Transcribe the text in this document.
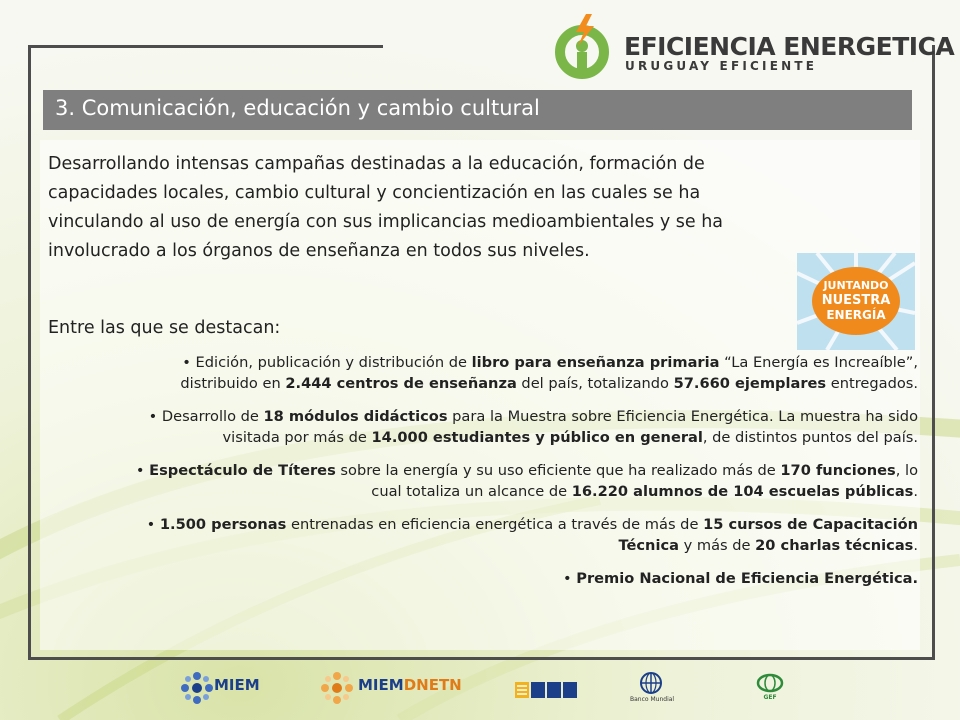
EFICIENCIA ENERGETICA
URUGUAY EFICIENTE
3. Comunicación, educación y cambio cultural

Desarrollando intensas campañas destinadas a la educación, formación de
capacidades locales, cambio cultural y concientización en las cuales se ha
vinculando al uso de energía con sus implicancias medioambientales y se ha
involucrado a los órganos de enseñanza en todos sus niveles.

Entre las que se destacan:

JUNTANDO
NUESTRA
ENERGÍA
• Edición, publicación y distribución de libro para enseñanza primaria “La Energía es Increaíble”,
distribuido en 2.444 centros de enseñanza del país, totalizando 57.660 ejemplares entregados.
• Desarrollo de 18 módulos didácticos para la Muestra sobre Eficiencia Energética. La muestra ha sido
visitada por más de 14.000 estudiantes y público en general, de distintos puntos del país.
• Espectáculo de Títeres sobre la energía y su uso eficiente que ha realizado más de 170 funciones, lo
cual totaliza un alcance de 16.220 alumnos de 104 escuelas públicas.
• 1.500 personas entrenadas en eficiencia energética a través de más de 15 cursos de Capacitación
Técnica y más de 20 charlas técnicas.
• Premio Nacional de Eficiencia Energética.
MIEM	MIEMDNETN
Banco Mundial	GEF
